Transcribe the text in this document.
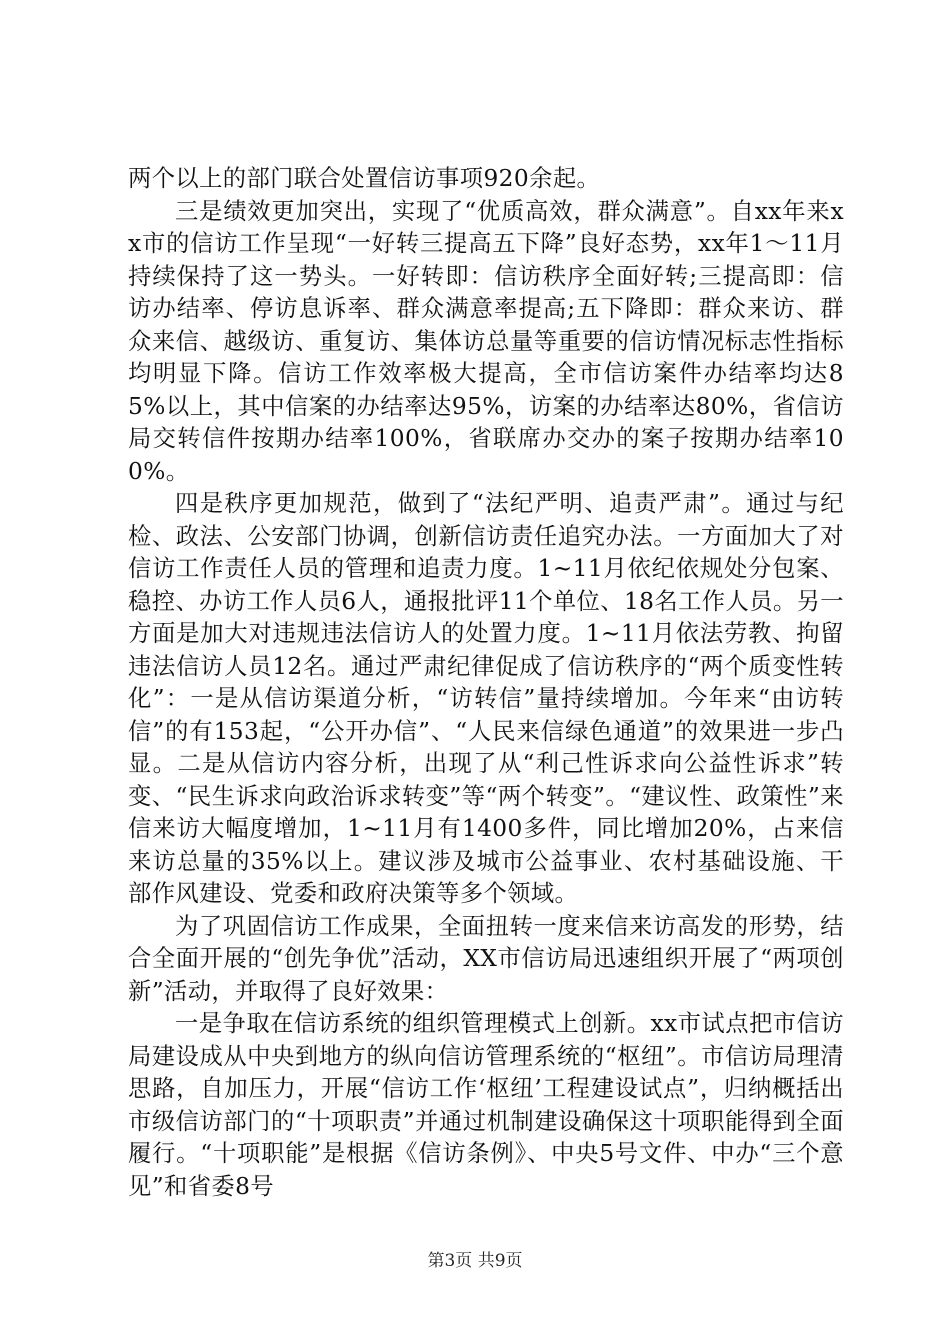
两个以上的部门联合处置信访事项920余起。

三是绩效更加突出，实现了“优质高效，群众满意”。自xx年来xx市的信访工作呈现“一好转三提高五下降”良好态势，xx年1～11月持续保持了这一势头。一好转即：信访秩序全面好转;三提高即：信访办结率、停访息诉率、群众满意率提高;五下降即：群众来访、群众来信、越级访、重复访、集体访总量等重要的信访情况标志性指标均明显下降。信访工作效率极大提高，全市信访案件办结率均达85%以上，其中信案的办结率达95%，访案的办结率达80%，省信访局交转信件按期办结率100%，省联席办交办的案子按期办结率100%。

四是秩序更加规范，做到了“法纪严明、追责严肃”。通过与纪检、政法、公安部门协调，创新信访责任追究办法。一方面加大了对信访工作责任人员的管理和追责力度。1~11月依纪依规处分包案、稳控、办访工作人员6人，通报批评11个单位、18名工作人员。另一方面是加大对违规违法信访人的处置力度。1~11月依法劳教、拘留违法信访人员12名。通过严肃纪律促成了信访秩序的“两个质变性转化”：一是从信访渠道分析，“访转信”量持续增加。今年来“由访转信”的有153起，“公开办信”、“人民来信绿色通道”的效果进一步凸显。二是从信访内容分析，出现了从“利己性诉求向公益性诉求”转变、“民生诉求向政治诉求转变”等“两个转变”。“建议性、政策性”来信来访大幅度增加，1~11月有1400多件，同比增加20%，占来信来访总量的35%以上。建议涉及城市公益事业、农村基础设施、干部作风建设、党委和政府决策等多个领域。

为了巩固信访工作成果，全面扭转一度来信来访高发的形势，结合全面开展的“创先争优”活动，XX市信访局迅速组织开展了“两项创新”活动，并取得了良好效果：

一是争取在信访系统的组织管理模式上创新。xx市试点把市信访局建设成从中央到地方的纵向信访管理系统的“枢纽”。市信访局理清思路，自加压力，开展“信访工作‘枢纽’工程建设试点”，归纳概括出市级信访部门的“十项职责”并通过机制建设确保这十项职能得到全面履行。“十项职能”是根据《信访条例》、中央5号文件、中办“三个意见”和省委8号

第3页 共9页
